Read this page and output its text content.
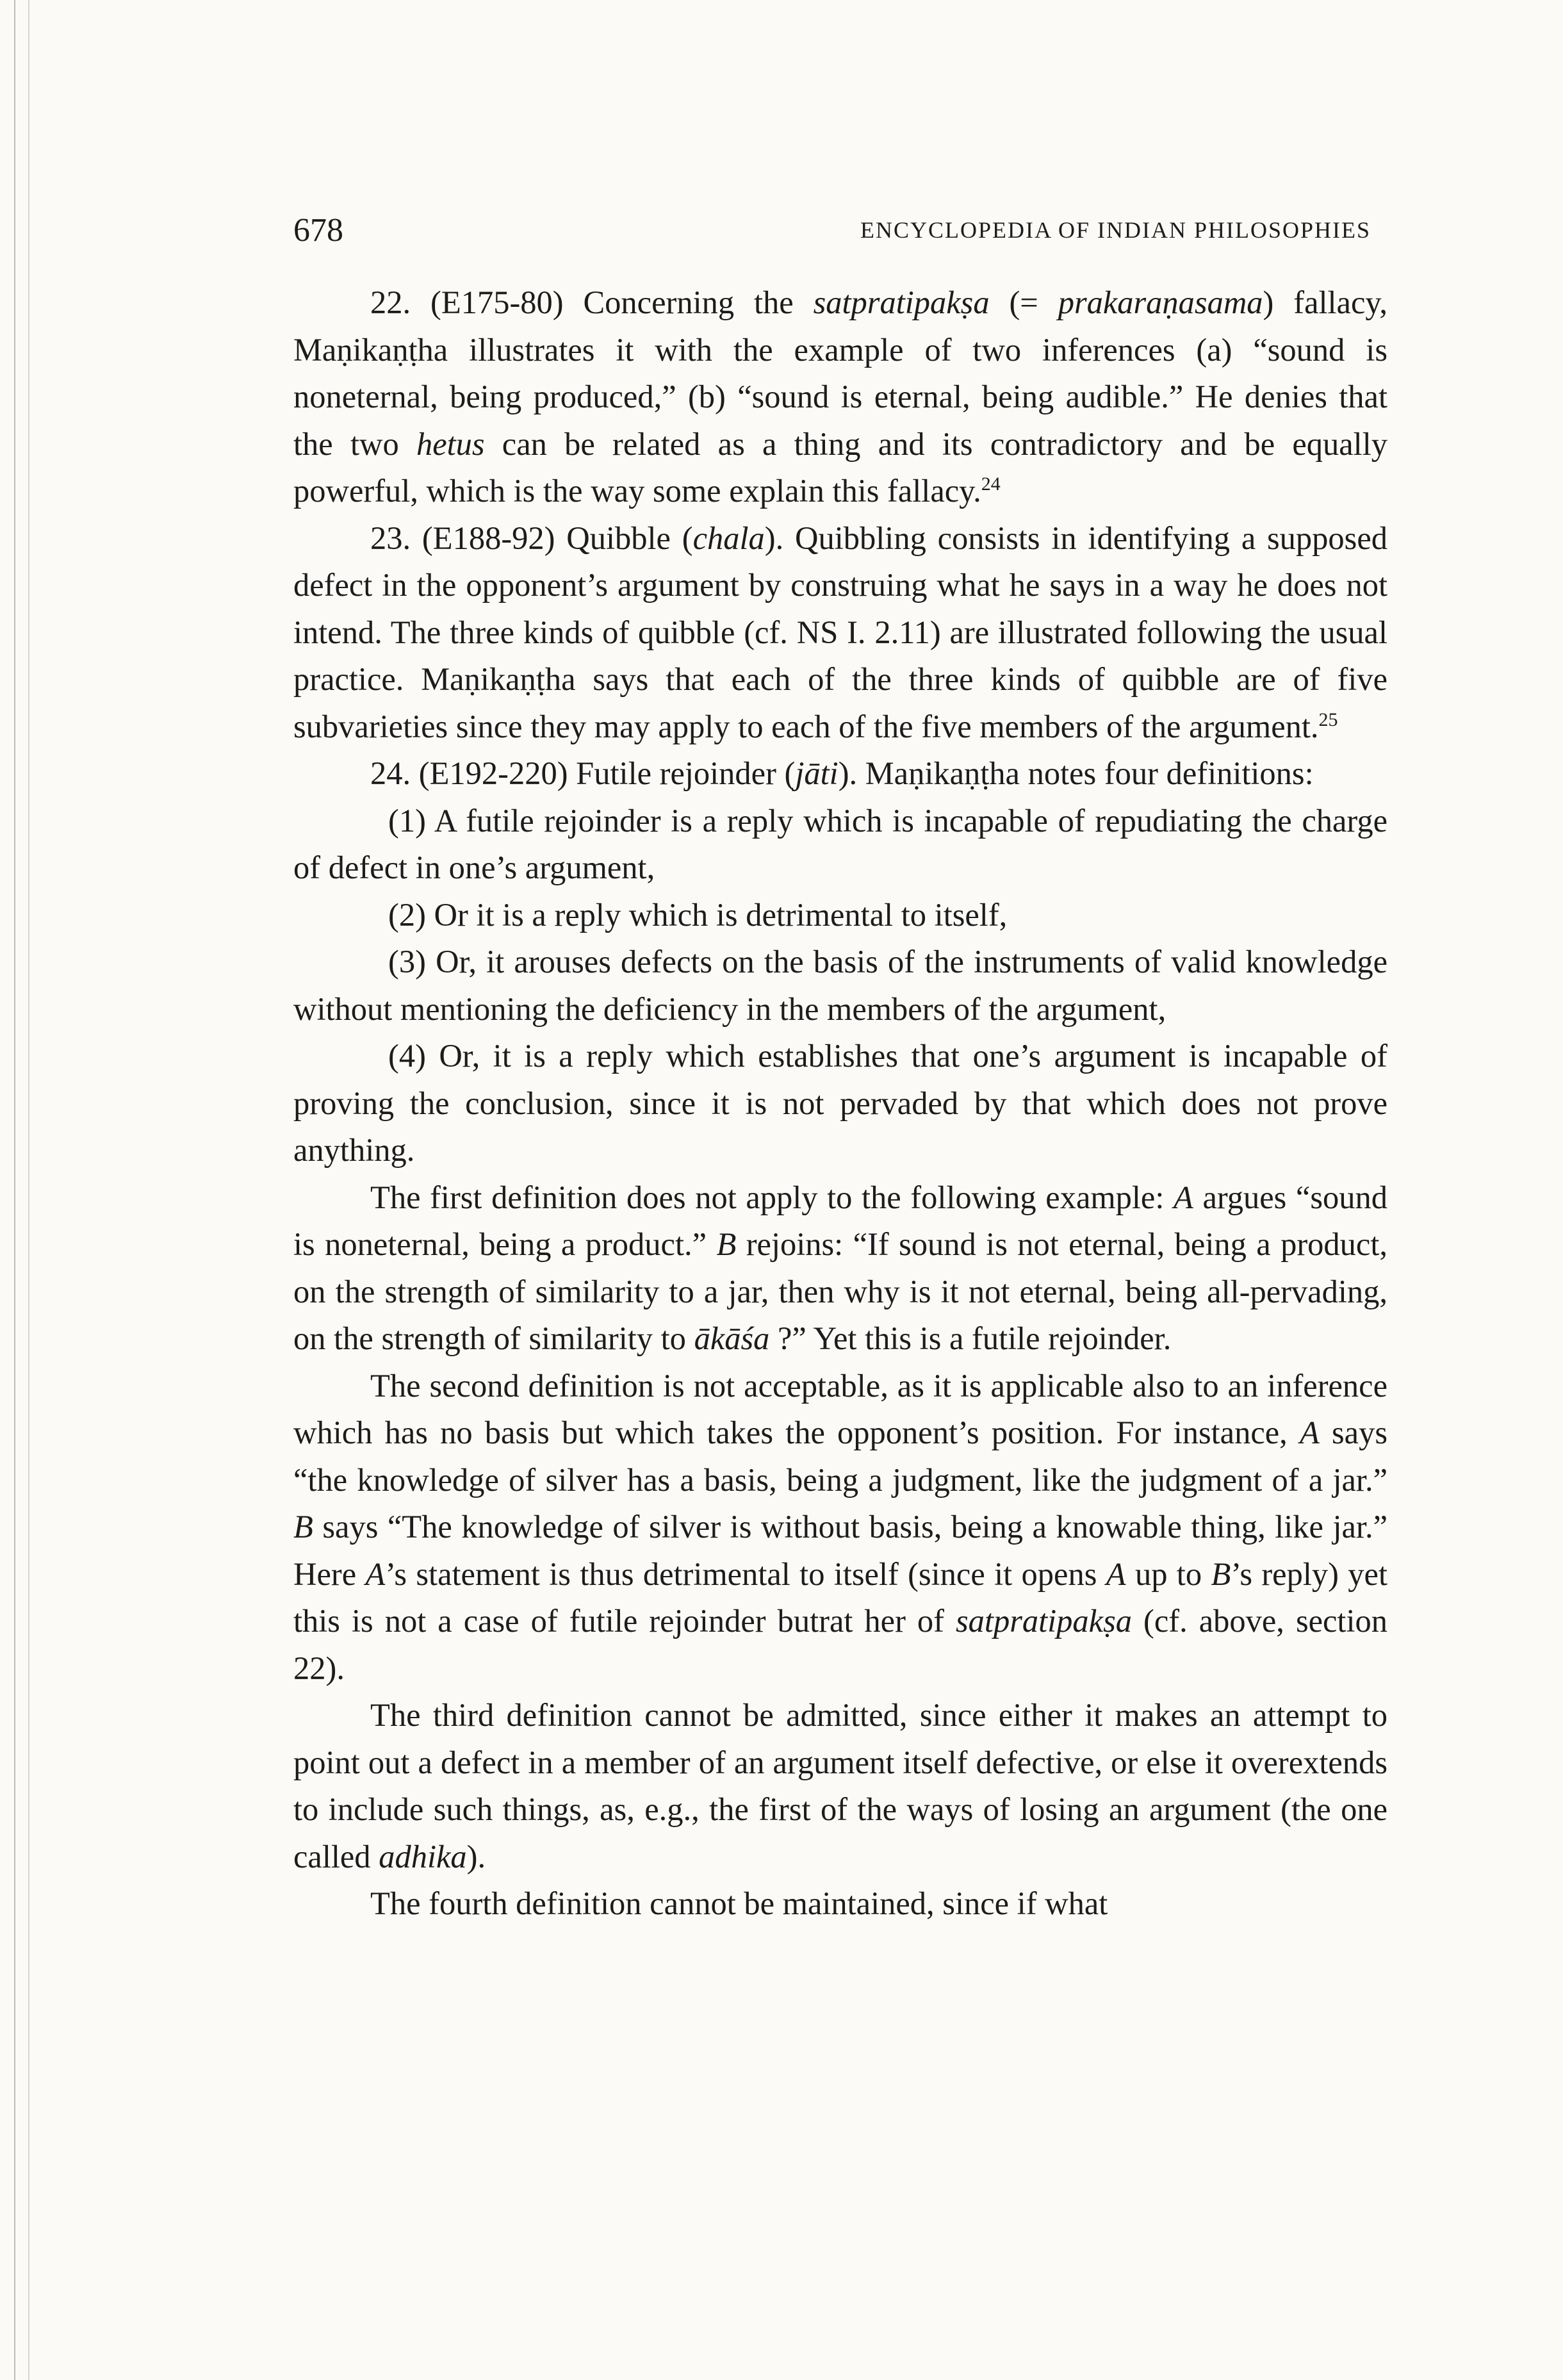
678	ENCYCLOPEDIA OF INDIAN PHILOSOPHIES

22. (E175-80) Concerning the satpratipakṣa (= prakaraṇasama) fallacy, Maṇikaṇṭha illustrates it with the example of two inferences (a) “sound is noneternal, being produced,” (b) “sound is eternal, being audible.” He denies that the two hetus can be related as a thing and its contradictory and be equally powerful, which is the way some explain this fallacy.$^{24}$

23. (E188-92) Quibble (chala). Quibbling consists in identifying a supposed defect in the opponent’s argument by construing what he says in a way he does not intend. The three kinds of quibble (cf. NS I. 2.11) are illustrated following the usual practice. Maṇikaṇṭha says that each of the three kinds of quibble are of five subvarieties since they may apply to each of the five members of the argument.$^{25}$

24. (E192-220) Futile rejoinder (jāti). Maṇikaṇṭha notes four definitions:

(1) A futile rejoinder is a reply which is incapable of repudiating the charge of defect in one’s argument,

(2) Or it is a reply which is detrimental to itself,

(3) Or, it arouses defects on the basis of the instruments of valid knowledge without mentioning the deficiency in the members of the argument,

(4) Or, it is a reply which establishes that one’s argument is incapable of proving the conclusion, since it is not pervaded by that which does not prove anything.

The first definition does not apply to the following example: A argues “sound is noneternal, being a product.” B rejoins: “If sound is not eternal, being a product, on the strength of similarity to a jar, then why is it not eternal, being all-pervading, on the strength of similarity to ākāśa ?” Yet this is a futile rejoinder.

The second definition is not acceptable, as it is applicable also to an inference which has no basis but which takes the opponent’s position. For instance, A says “the knowledge of silver has a basis, being a judgment, like the judgment of a jar.” B says “The knowledge of silver is without basis, being a knowable thing, like jar.” Here A’s statement is thus detrimental to itself (since it opens A up to B’s reply) yet this is not a case of futile rejoinder butrat her of satpratipakṣa (cf. above, section 22).

The third definition cannot be admitted, since either it makes an attempt to point out a defect in a member of an argument itself defective, or else it overextends to include such things, as, e.g., the first of the ways of losing an argument (the one called adhika).

The fourth definition cannot be maintained, since if what
